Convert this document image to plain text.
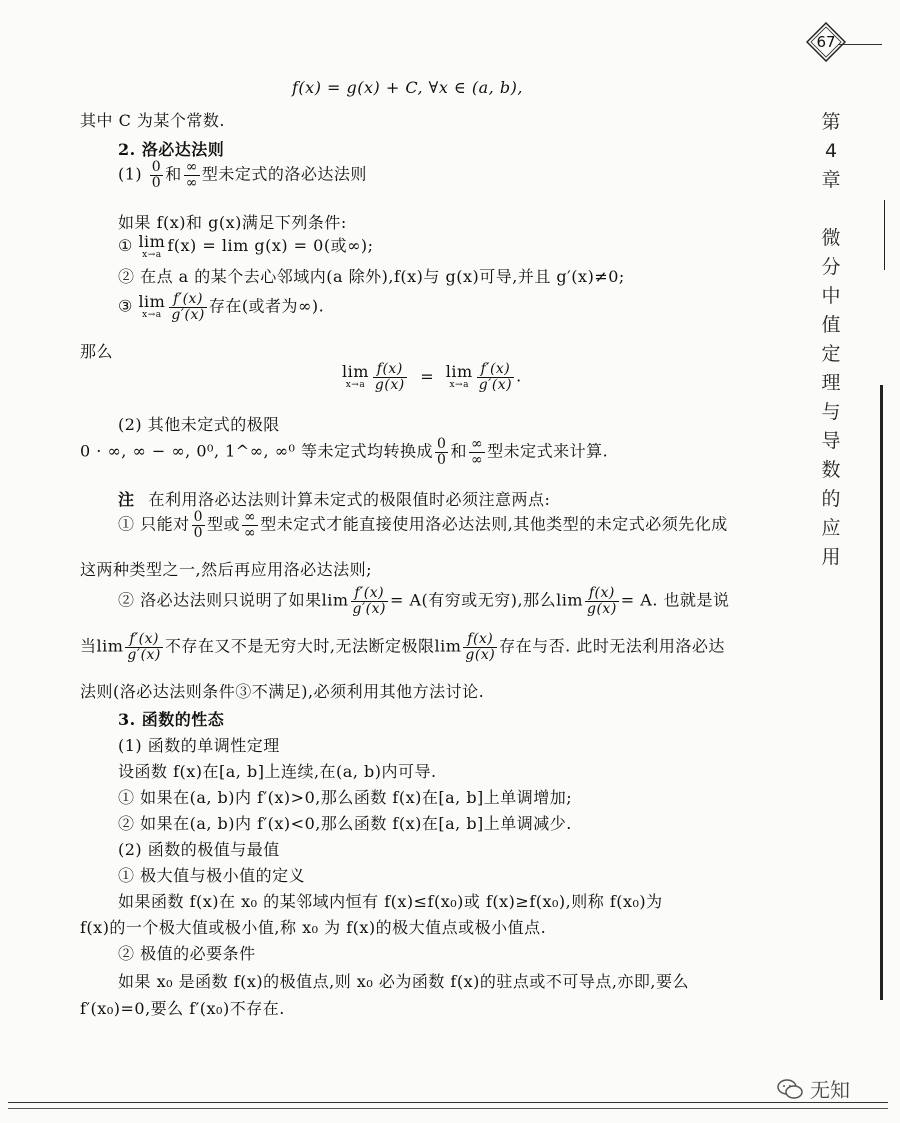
67
第
4
章

微
分
中
值
定
理
与
导
数
的
应
用
f(x) = g(x) + C, ∀x ∈ (a, b),
其中 C 为某个常数.
2. 洛必达法则
$(1) \frac{0}{0}$ 和 $\frac{\infty}{\infty}$ 型未定式的洛必达法则
如果 f(x)和 g(x)满足下列条件:
① lim
x→a f(x) = lim g(x) = 0(或∞);
② 在点 a 的某个去心邻域内(a 除外),f(x)与 g(x)可导,并且 g′(x)≠0;
③ lim
$x\to a \frac{f'(x)}{g'(x)}$ 存在(或者为∞).
那么
lim
$x\to a \frac{f(x)}{g(x)} = \lim$
$x\to a \frac{f'(x)}{g'(x)}$ .
(2) 其他未定式的极限
0 · ∞, ∞ − ∞, 0⁰, 1^∞, ∞⁰ 等未定式均转换成 $\frac{0}{0}$ 和 $\frac{\infty}{\infty}$ 型未定式来计算.
注 在利用洛必达法则计算未定式的极限值时必须注意两点:
① 只能对 $\frac{0}{0}$ 型或 $\frac{\infty}{\infty}$ 型未定式才能直接使用洛必达法则,其他类型的未定式必须先化成
这两种类型之一,然后再应用洛必达法则;
② 洛必达法则只说明了如果$\lim \frac{f'(x)}{g'(x)} = A$(有穷或无穷),那么$\lim \frac{f(x)}{g(x)} = A$. 也就是说
当$\lim \frac{f'(x)}{g'(x)}$ 不存在又不是无穷大时,无法断定极限$\lim \frac{f(x)}{g(x)}$ 存在与否. 此时无法利用洛必达
法则(洛必达法则条件③不满足),必须利用其他方法讨论.
3. 函数的性态
(1) 函数的单调性定理
设函数 f(x)在[a, b]上连续,在(a, b)内可导.
① 如果在(a, b)内 f′(x)>0,那么函数 f(x)在[a, b]上单调增加;
② 如果在(a, b)内 f′(x)<0,那么函数 f(x)在[a, b]上单调减少.
(2) 函数的极值与最值
① 极大值与极小值的定义
如果函数 f(x)在 x₀ 的某邻域内恒有 f(x)≤f(x₀)或 f(x)≥f(x₀),则称 f(x₀)为
f(x)的一个极大值或极小值,称 x₀ 为 f(x)的极大值点或极小值点.
② 极值的必要条件
如果 x₀ 是函数 f(x)的极值点,则 x₀ 必为函数 f(x)的驻点或不可导点,亦即,要么
f′(x₀)=0,要么 f′(x₀)不存在.
无知
